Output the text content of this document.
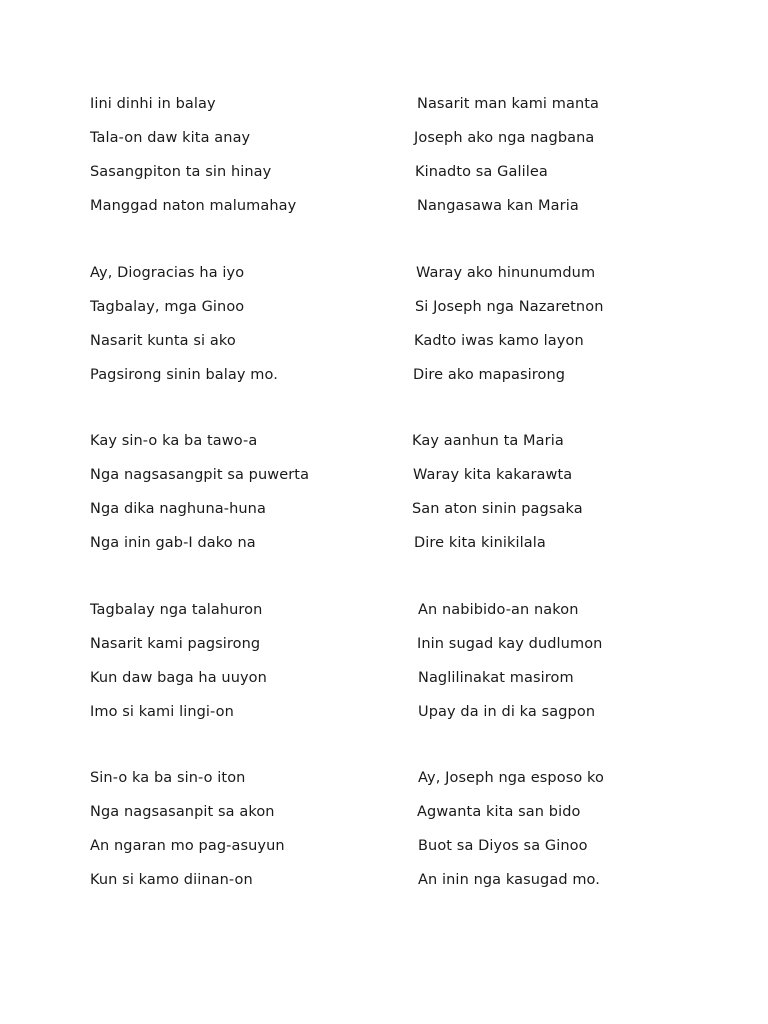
Iini dinhi in balay
Tala-on daw kita anay
Sasangpiton ta sin hinay
Manggad naton malumahay
Ay, Diogracias ha iyo
Tagbalay, mga Ginoo
Nasarit kunta si ako
Pagsirong sinin balay mo.
Kay sin-o ka ba tawo-a
Nga nagsasangpit sa puwerta
Nga dika naghuna-huna
Nga inin gab-I dako na
Tagbalay nga talahuron
Nasarit kami pagsirong
Kun daw baga ha uuyon
Imo si kami lingi-on
Sin-o ka ba sin-o iton
Nga nagsasanpit sa akon
An ngaran mo pag-asuyun
Kun si kamo diinan-on
Nasarit man kami manta
Joseph ako nga nagbana
Kinadto sa Galilea
Nangasawa kan Maria
Waray ako hinunumdum
Si Joseph nga Nazaretnon
Kadto iwas kamo layon
Dire ako mapasirong
Kay aanhun ta Maria
Waray kita kakarawta
San aton sinin pagsaka
Dire kita kinikilala
An nabibido-an nakon
Inin sugad kay dudlumon
Naglilinakat masirom
Upay da in di ka sagpon
Ay, Joseph nga esposo ko
Agwanta kita san bido
Buot sa Diyos sa Ginoo
An inin nga kasugad mo.
